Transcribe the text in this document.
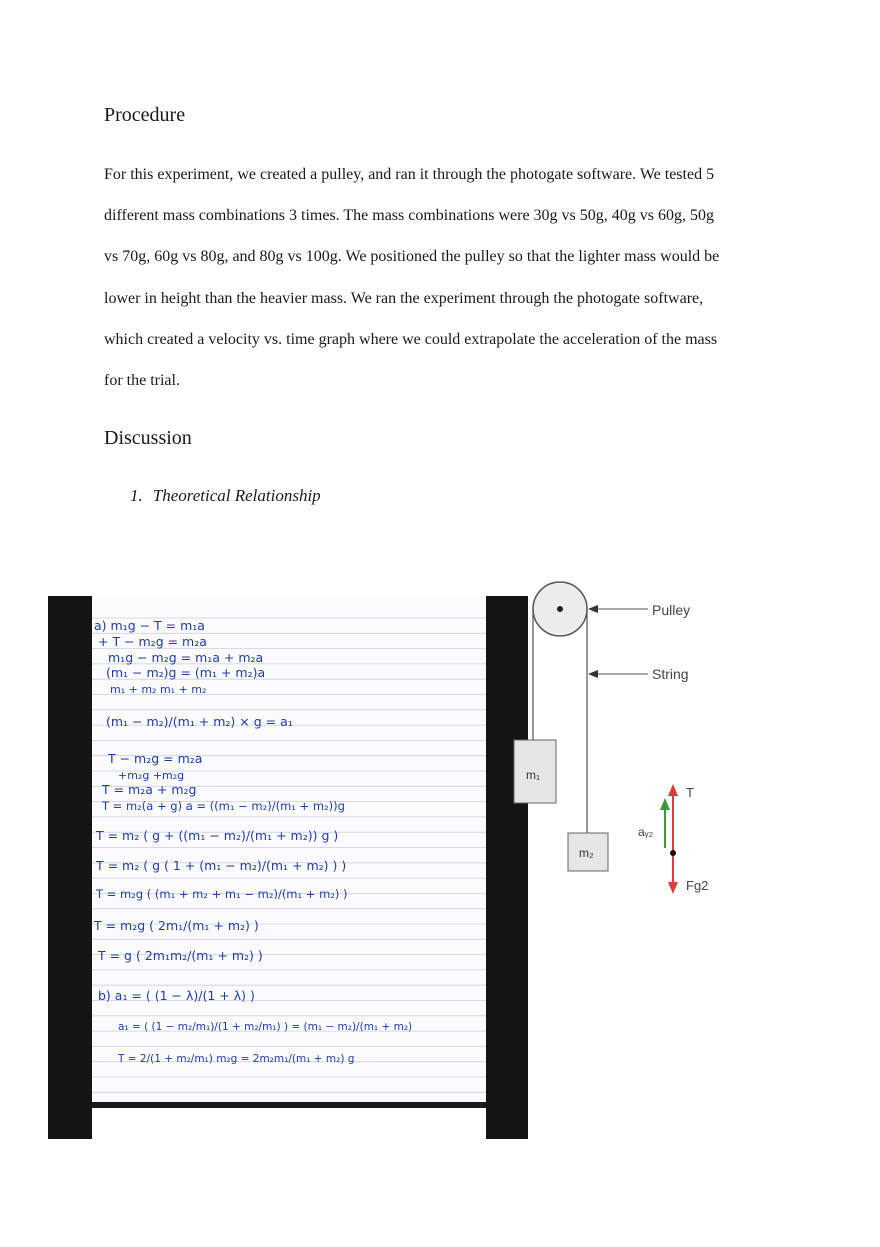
Procedure
For this experiment, we created a pulley, and ran it through the photogate software. We tested 5
different mass combinations 3 times. The mass combinations were 30g vs 50g, 40g vs 60g, 50g
vs 70g, 60g vs 80g, and 80g vs 100g. We positioned the pulley so that the lighter mass would be
lower in height than the heavier mass. We ran the experiment through the photogate software,
which created a velocity vs. time graph where we could extrapolate the acceleration of the mass
for the trial.
Discussion
1. Theoretical Relationship
a) m₁g − T = m₁a
+ T − m₂g = m₂a
m₁g − m₂g = m₁a + m₂a
(m₁ − m₂)g = (m₁ + m₂)a
m₁ + m₂ m₁ + m₂
(m₁ − m₂)/(m₁ + m₂) × g = a₁
T − m₂g = m₂a
+m₂g +m₂g
T = m₂a + m₂g
T = m₂(a + g) a = ((m₁ − m₂)/(m₁ + m₂))g
T = m₂ ( g + ((m₁ − m₂)/(m₁ + m₂)) g )
T = m₂ ( g ( 1 + (m₁ − m₂)/(m₁ + m₂) ) )
T = m₂g ( (m₁ + m₂ + m₁ − m₂)/(m₁ + m₂) )
T = m₂g ( 2m₁/(m₁ + m₂) )
T = g ( 2m₁m₂/(m₁ + m₂) )
b) a₁ = ( (1 − λ)/(1 + λ) )
a₁ = ( (1 − m₂/m₁)/(1 + m₂/m₁) ) = (m₁ − m₂)/(m₁ + m₂)
T = 2/(1 + m₂/m₁) m₂g = 2m₂m₁/(m₁ + m₂) g
m₁
m₂
Pulley
String
T
aᵧ₂
Fg2
